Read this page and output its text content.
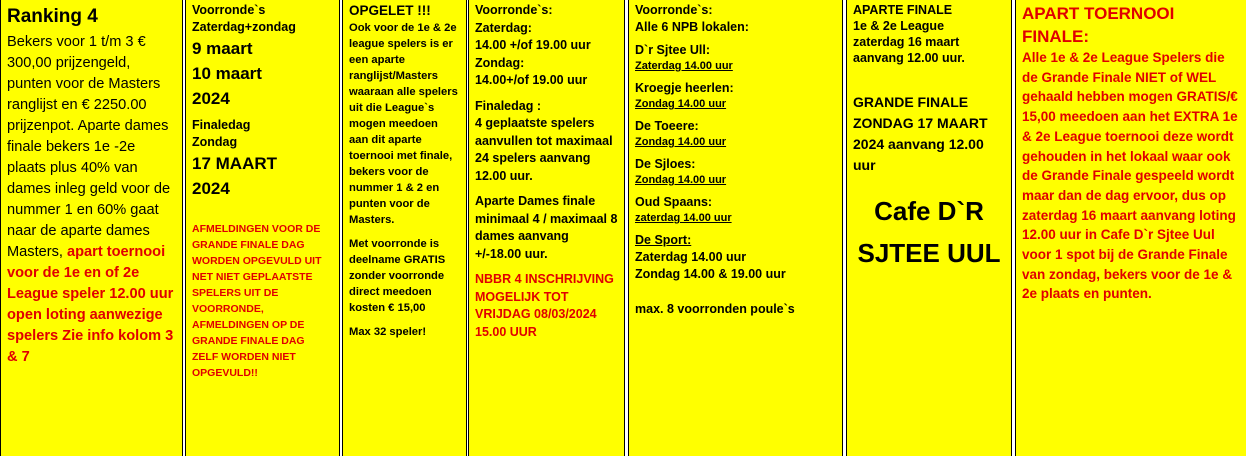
Ranking 4

Bekers voor 1 t/m 3 € 300,00 prijzengeld, punten voor de Masters ranglijst en € 2250.00 prijzenpot. Aparte dames finale bekers 1e -2e plaats plus 40% van dames inleg geld voor de nummer 1 en 60% gaat naar de aparte dames Masters, apart toernooi voor de 1e en of 2e League speler 12.00 uur open loting aanwezige spelers Zie info kolom 3 & 7

Voorronde`s

Zaterdag+zondag

9 maart

10 maart

2024

Finaledag

Zondag

17 MAART

2024

AFMELDINGEN VOOR DE GRANDE FINALE DAG WORDEN OPGEVULD UIT NET NIET GEPLAATSTE SPELERS UIT DE VOORRONDE, AFMELDINGEN OP DE GRANDE FINALE DAG ZELF WORDEN NIET OPGEVULD!!

OPGELET !!!

Ook voor de 1e & 2e league spelers is er een aparte ranglijst/Masters waaraan alle spelers uit die League`s mogen meedoen aan dit aparte toernooi met finale, bekers voor de nummer 1 & 2 en punten voor de Masters.

Met voorronde is deelname GRATIS zonder voorronde direct meedoen kosten € 15,00

Max 32 speler!

Voorronde`s:

Zaterdag:

14.00 +/of 19.00 uur

Zondag:

14.00+/of 19.00 uur

Finaledag :

4 geplaatste spelers aanvullen tot maximaal 24 spelers aanvang 12.00 uur.

Aparte Dames finale minimaal 4 / maximaal 8 dames aanvang +/-18.00 uur.

NBBR 4 INSCHRIJVING MOGELIJK TOT VRIJDAG 08/03/2024 15.00 UUR

Voorronde`s:

Alle 6 NPB lokalen:

D`r Sjtee Ull:

Zaterdag 14.00 uur

Kroegje heerlen:

Zondag 14.00 uur

De Toeere:

Zondag 14.00 uur

De Sjloes:

Zondag 14.00 uur

Oud Spaans:

zaterdag 14.00 uur

De Sport:

Zaterdag 14.00 uur

Zondag 14.00 & 19.00 uur

max. 8 voorronden poule`s

APARTE FINALE

1e & 2e League

zaterdag 16 maart

aanvang 12.00 uur.

GRANDE FINALE ZONDAG 17 MAART 2024 aanvang 12.00 uur

Cafe D`R
SJTEE UUL

APART TOERNOOI

FINALE:

Alle 1e & 2e League Spelers die de Grande Finale NIET of WEL gehaald hebben mogen GRATIS/€ 15,00 meedoen aan het EXTRA 1e & 2e League toernooi deze wordt gehouden in het lokaal waar ook de Grande Finale gespeeld wordt maar dan de dag ervoor, dus op zaterdag 16 maart aanvang loting 12.00 uur in Cafe D`r Sjtee Uul voor 1 spot bij de Grande Finale van zondag, bekers voor de 1e & 2e plaats en punten.
